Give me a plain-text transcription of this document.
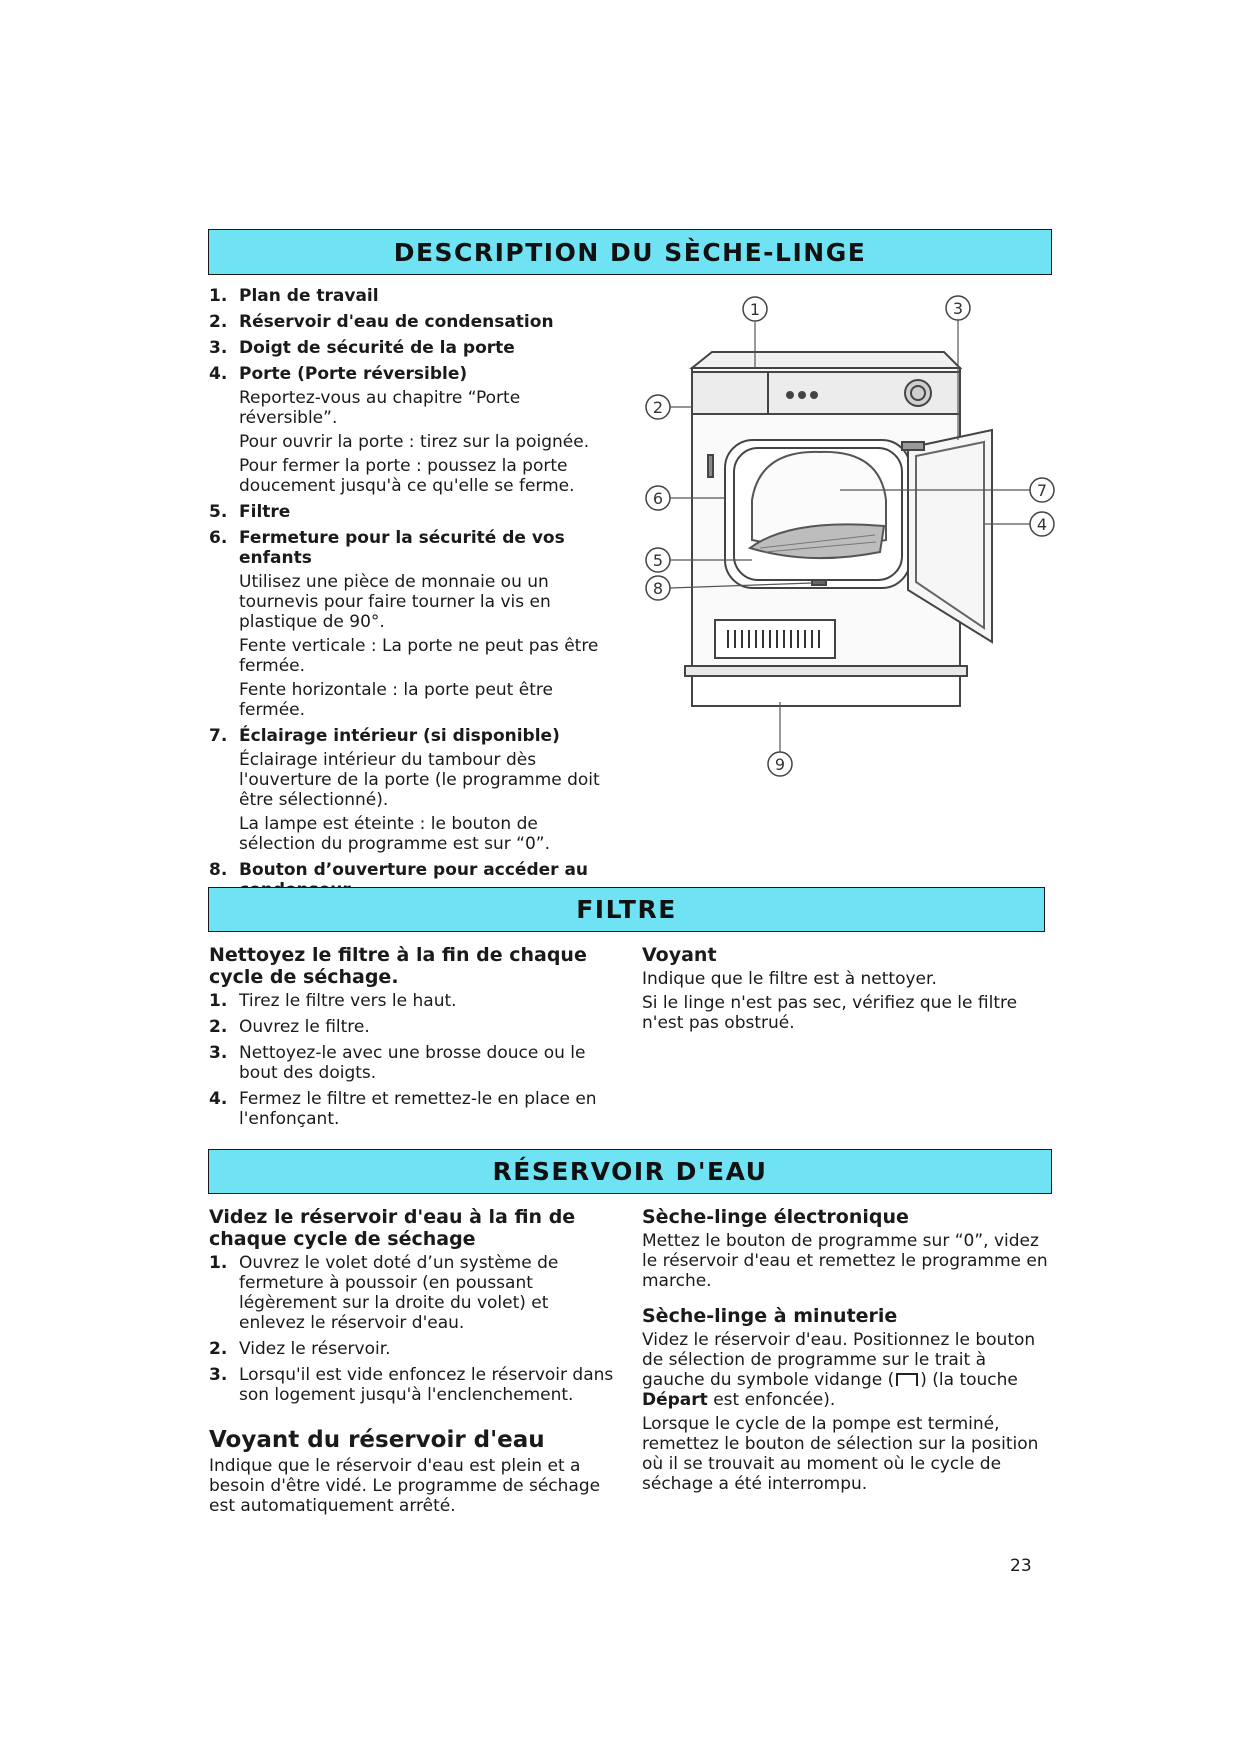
DESCRIPTION DU SÈCHE-LINGE
1. Plan de travail
2. Réservoir d'eau de condensation
3. Doigt de sécurité de la porte
4. Porte (Porte réversible)

Reportez-vous au chapitre “Porte réversible”.

Pour ouvrir la porte : tirez sur la poignée.

Pour fermer la porte : poussez la porte doucement jusqu'à ce qu'elle se ferme.

5. Filtre
6. Fermeture pour la sécurité de vos enfants

Utilisez une pièce de monnaie ou un tournevis pour faire tourner la vis en plastique de 90°.

Fente verticale : La porte ne peut pas être fermée.

Fente horizontale : la porte peut être fermée.

7. Éclairage intérieur (si disponible)

Éclairage intérieur du tambour dès l'ouverture de la porte (le programme doit être sélectionné).

La lampe est éteinte : le bouton de sélection du programme est sur “0”.

8. Bouton d’ouverture pour accéder au
1	3
2
6
5
8
7
4
9
FILTRE
Nettoyez le filtre à la fin de chaque cycle de séchage.
1. Tirez le filtre vers le haut.
2. Ouvrez le filtre.
3. Nettoyez-le avec une brosse douce ou le bout des doigts.
4. Fermez le filtre et remettez-le en place en l'enfonçant.
Voyant

Indique que le filtre est à nettoyer.

Si le linge n'est pas sec, vérifiez que le filtre n'est pas obstrué.

RÉSERVOIR D'EAU
Videz le réservoir d'eau à la fin de chaque cycle de séchage
1. Ouvrez le volet doté d’un système de fermeture à poussoir (en poussant légèrement sur la droite du volet) et enlevez le réservoir d'eau.
2. Videz le réservoir.
3. Lorsqu'il est vide enfoncez le réservoir dans son logement jusqu'à l'enclenchement.
Voyant du réservoir d'eau

Indique que le réservoir d'eau est plein et a besoin d'être vidé. Le programme de séchage est automatiquement arrêté.

Sèche-linge électronique

Mettez le bouton de programme sur “0”, videz le réservoir d'eau et remettez le programme en marche.

Sèche-linge à minuterie

Videz le réservoir d'eau. Positionnez le bouton de sélection de programme sur le trait à gauche du symbole vidange ( ) (la touche Départ est enfoncée).

Lorsque le cycle de la pompe est terminé, remettez le bouton de sélection sur la position où il se trouvait au moment où le cycle de séchage a été interrompu.

23
